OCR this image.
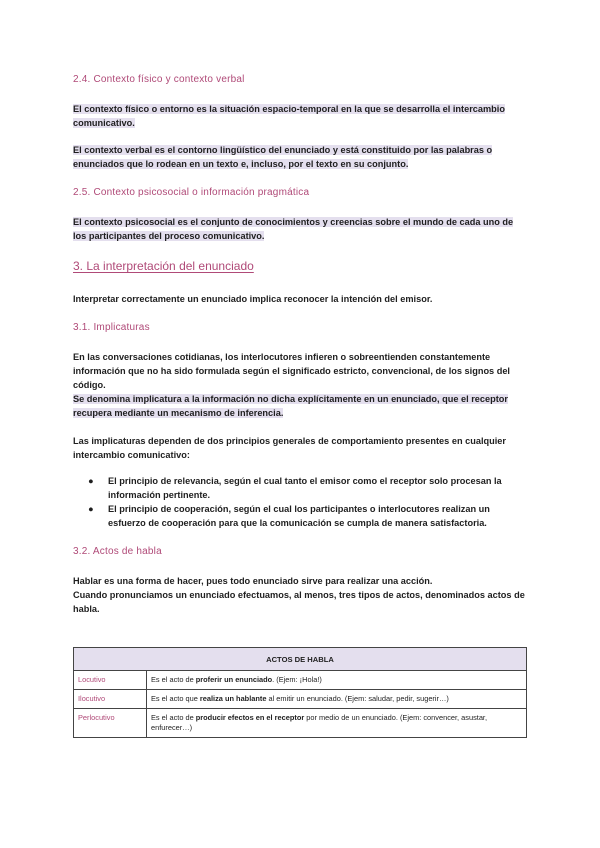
2.4. Contexto físico y contexto verbal
El contexto físico o entorno es la situación espacio-temporal en la que se desarrolla el intercambio comunicativo.
El contexto verbal es el contorno lingüístico del enunciado y está constituido por las palabras o enunciados que lo rodean en un texto e, incluso, por el texto en su conjunto.
2.5. Contexto psicosocial o información pragmática
El contexto psicosocial es el conjunto de conocimientos y creencias sobre el mundo de cada uno de los participantes del proceso comunicativo.
3. La interpretación del enunciado
Interpretar correctamente un enunciado implica reconocer la intención del emisor.
3.1. Implicaturas
En las conversaciones cotidianas, los interlocutores infieren o sobreentienden constantemente información que no ha sido formulada según el significado estricto, convencional, de los signos del código.
Se denomina implicatura a la información no dicha explícitamente en un enunciado, que el receptor recupera mediante un mecanismo de inferencia.
Las implicaturas dependen de dos principios generales de comportamiento presentes en cualquier intercambio comunicativo:
● El principio de relevancia, según el cual tanto el emisor como el receptor solo procesan la información pertinente.
● El principio de cooperación, según el cual los participantes o interlocutores realizan un esfuerzo de cooperación para que la comunicación se cumpla de manera satisfactoria.
3.2. Actos de habla
Hablar es una forma de hacer, pues todo enunciado sirve para realizar una acción.
Cuando pronunciamos un enunciado efectuamos, al menos, tres tipos de actos, denominados actos de habla.
ACTOS DE HABLA	
Locutivo	Es el acto de proferir un enunciado. (Ejem: ¡Hola!)
Ilocutivo	Es el acto que realiza un hablante al emitir un enunciado. (Ejem: saludar, pedir, sugerir…)
Perlocutivo	Es el acto de producir efectos en el receptor por medio de un enunciado. (Ejem: convencer, asustar, enfurecer…)
